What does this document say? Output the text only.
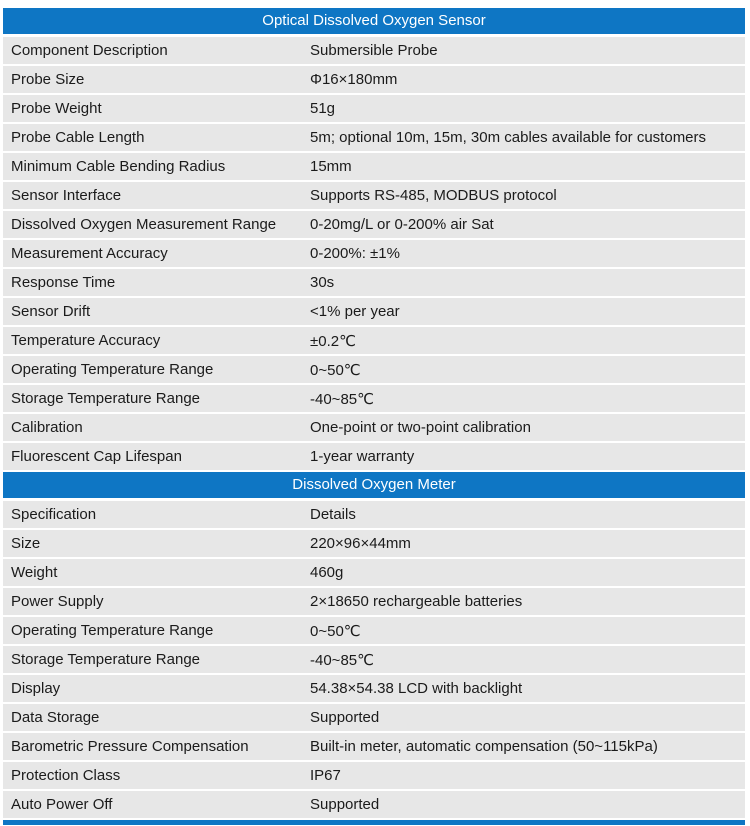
Optical Dissolved Oxygen Sensor
Component Description	Submersible Probe
Probe Size	Φ16×180mm
Probe Weight	51g
Probe Cable Length	5m; optional 10m, 15m, 30m cables available for customers
Minimum Cable Bending Radius	15mm
Sensor Interface	Supports RS-485, MODBUS protocol
Dissolved Oxygen Measurement Range	0-20mg/L or 0-200% air Sat
Measurement Accuracy	0-200%: ±1%
Response Time	30s
Sensor Drift	<1% per year
Temperature Accuracy	±0.2℃
Operating Temperature Range	0~50℃
Storage Temperature Range	-40~85℃
Calibration	One-point or two-point calibration
Fluorescent Cap Lifespan	1-year warranty
Dissolved Oxygen Meter
Specification	Details
Size	220×96×44mm
Weight	460g
Power Supply	2×18650 rechargeable batteries
Operating Temperature Range	0~50℃
Storage Temperature Range	-40~85℃
Display	54.38×54.38 LCD with backlight
Data Storage	Supported
Barometric Pressure Compensation	Built-in meter, automatic compensation (50~115kPa)
Protection Class	IP67
Auto Power Off	Supported
